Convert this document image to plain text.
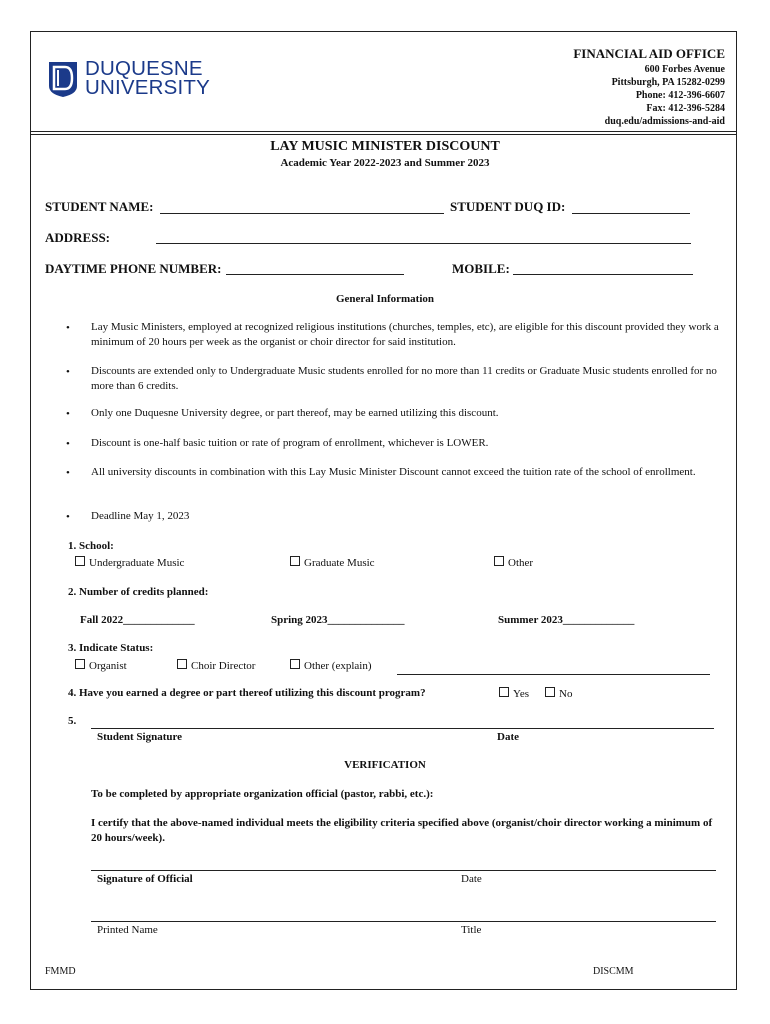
DUQUESNE
UNIVERSITY
FINANCIAL AID OFFICE
600 Forbes Avenue
Pittsburgh, PA 15282-0299
Phone: 412-396-6607
Fax: 412-396-5284
duq.edu/admissions-and-aid
LAY MUSIC MINISTER DISCOUNT
Academic Year 2022-2023 and Summer 2023
STUDENT NAME:	STUDENT DUQ ID:
ADDRESS:
DAYTIME PHONE NUMBER:	MOBILE:
General Information
• Lay Music Ministers, employed at recognized religious institutions (churches, temples, etc), are eligible for this discount provided they work a minimum of 20 hours per week as the organist or choir director for said institution.
• Discounts are extended only to Undergraduate Music students enrolled for no more than 11 credits or Graduate Music students enrolled for no more than 6 credits.
• Only one Duquesne University degree, or part thereof, may be earned utilizing this discount.
• Discount is one-half basic tuition or rate of program of enrollment, whichever is LOWER.
• All university discounts in combination with this Lay Music Minister Discount cannot exceed the tuition rate of the school of enrollment.
• Deadline May 1, 2023
1. School:
Undergraduate Music	Graduate Music	Other
2. Number of credits planned:
Fall 2022_____________	Spring 2023______________	Summer 2023_____________
3. Indicate Status:
Organist	Choir Director	Other (explain)
4. Have you earned a degree or part thereof utilizing this discount program?	Yes	No
5.
Student Signature	Date
VERIFICATION
To be completed by appropriate organization official (pastor, rabbi, etc.):
I certify that the above-named individual meets the eligibility criteria specified above (organist/choir director working a minimum of 20 hours/week).
Signature of Official	Date
Printed Name	Title
FMMD	DISCMM
